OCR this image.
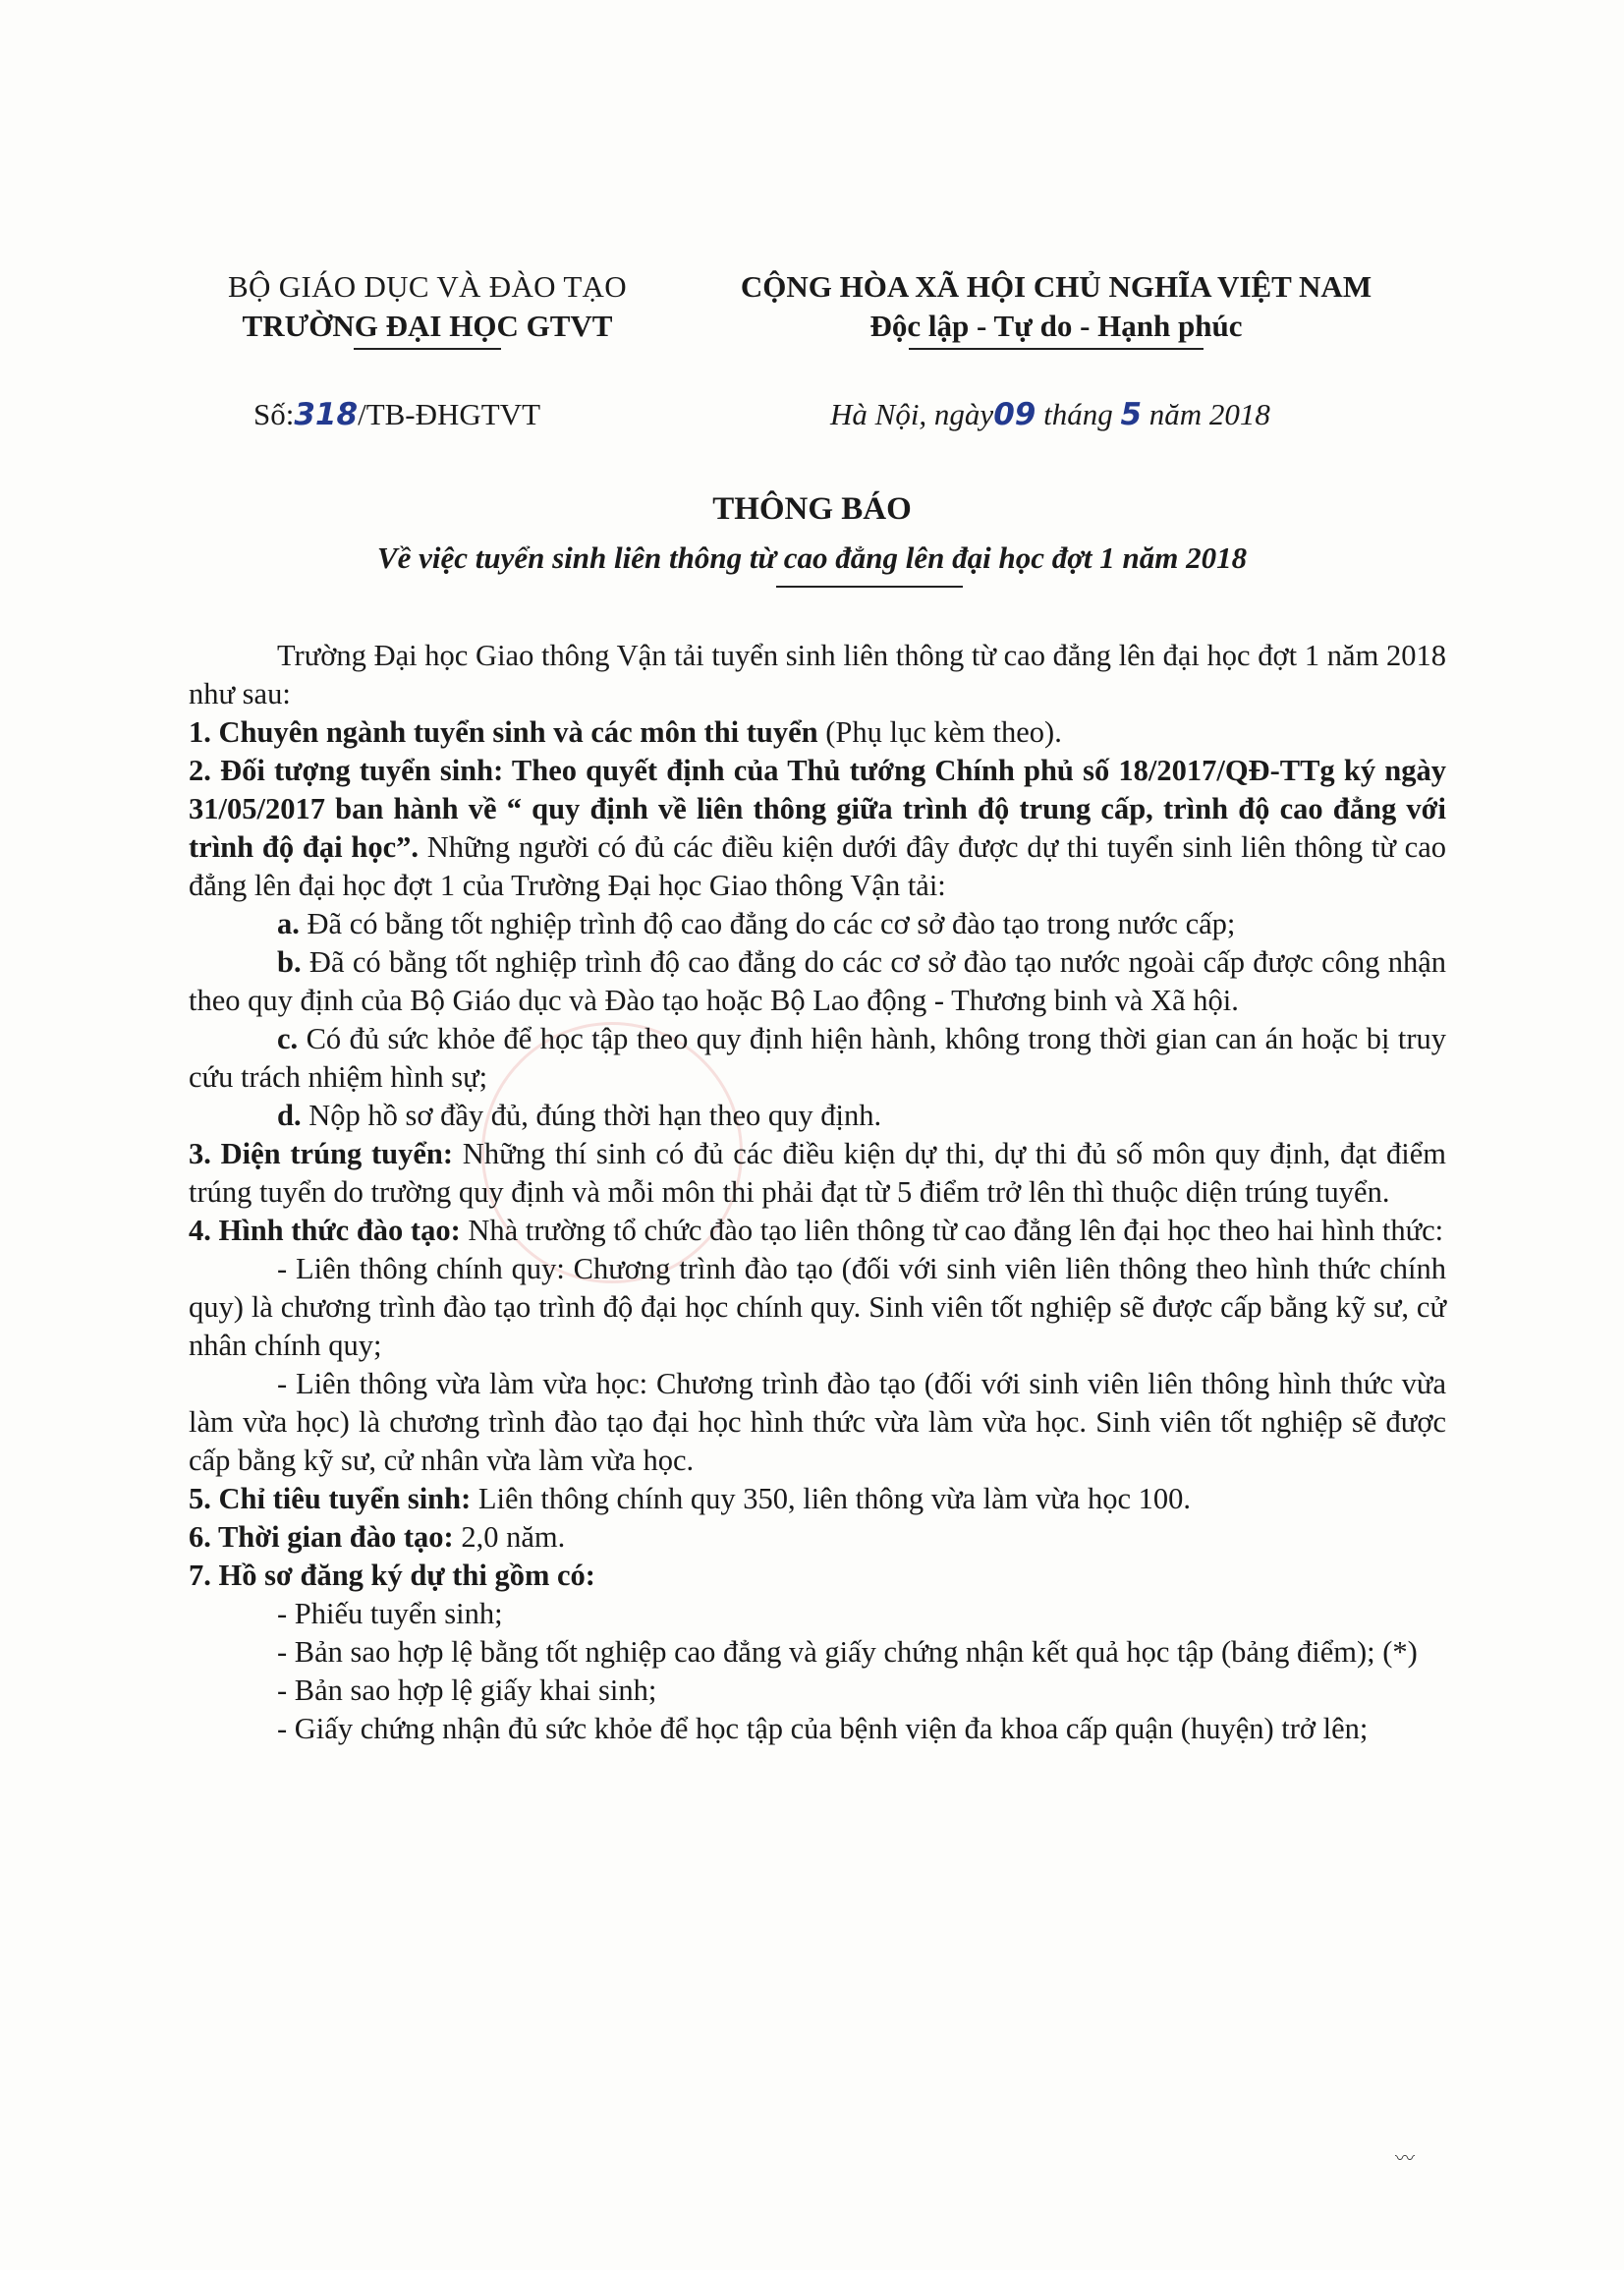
BỘ GIÁO DỤC VÀ ĐÀO TẠO
TRƯỜNG ĐẠI HỌC GTVT
CỘNG HÒA XÃ HỘI CHỦ NGHĨA VIỆT NAM
Độc lập - Tự do - Hạnh phúc
Số:318/TB-ĐHGTVT	Hà Nội, ngày09 tháng 5 năm 2018
THÔNG BÁO
Về việc tuyển sinh liên thông từ cao đẳng lên đại học đợt 1 năm 2018

Trường Đại học Giao thông Vận tải tuyển sinh liên thông từ cao đẳng lên đại học đợt 1 năm 2018 như sau:

1. Chuyên ngành tuyển sinh và các môn thi tuyển (Phụ lục kèm theo).

2. Đối tượng tuyển sinh: Theo quyết định của Thủ tướng Chính phủ số 18/2017/QĐ-TTg ký ngày 31/05/2017 ban hành về “ quy định về liên thông giữa trình độ trung cấp, trình độ cao đẳng với trình độ đại học”. Những người có đủ các điều kiện dưới đây được dự thi tuyển sinh liên thông từ cao đẳng lên đại học đợt 1 của Trường Đại học Giao thông Vận tải:

a. Đã có bằng tốt nghiệp trình độ cao đẳng do các cơ sở đào tạo trong nước cấp;

b. Đã có bằng tốt nghiệp trình độ cao đẳng do các cơ sở đào tạo nước ngoài cấp được công nhận theo quy định của Bộ Giáo dục và Đào tạo hoặc Bộ Lao động - Thương binh và Xã hội.

c. Có đủ sức khỏe để học tập theo quy định hiện hành, không trong thời gian can án hoặc bị truy cứu trách nhiệm hình sự;

d. Nộp hồ sơ đầy đủ, đúng thời hạn theo quy định.

3. Diện trúng tuyển: Những thí sinh có đủ các điều kiện dự thi, dự thi đủ số môn quy định, đạt điểm trúng tuyển do trường quy định và mỗi môn thi phải đạt từ 5 điểm trở lên thì thuộc diện trúng tuyển.

4. Hình thức đào tạo: Nhà trường tổ chức đào tạo liên thông từ cao đẳng lên đại học theo hai hình thức:

- Liên thông chính quy: Chương trình đào tạo (đối với sinh viên liên thông theo hình thức chính quy) là chương trình đào tạo trình độ đại học chính quy. Sinh viên tốt nghiệp sẽ được cấp bằng kỹ sư, cử nhân chính quy;

- Liên thông vừa làm vừa học: Chương trình đào tạo (đối với sinh viên liên thông hình thức vừa làm vừa học) là chương trình đào tạo đại học hình thức vừa làm vừa học. Sinh viên tốt nghiệp sẽ được cấp bằng kỹ sư, cử nhân vừa làm vừa học.

5. Chỉ tiêu tuyển sinh: Liên thông chính quy 350, liên thông vừa làm vừa học 100.

6. Thời gian đào tạo: 2,0 năm.

7. Hồ sơ đăng ký dự thi gồm có:

- Phiếu tuyển sinh;

- Bản sao hợp lệ bằng tốt nghiệp cao đẳng và giấy chứng nhận kết quả học tập (bảng điểm); (*)

- Bản sao hợp lệ giấy khai sinh;

- Giấy chứng nhận đủ sức khỏe để học tập của bệnh viện đa khoa cấp quận (huyện) trở lên;

〰
